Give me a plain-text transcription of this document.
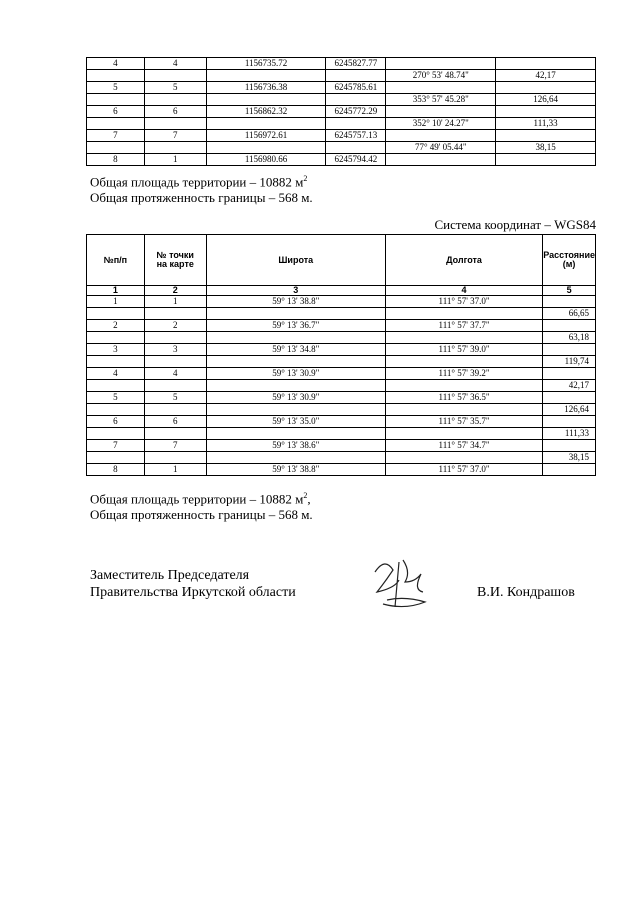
4	4	1156735.72	6245827.77		
				270° 53' 48.74"	42,17
5	5	1156736.38	6245785.61		
				353° 57' 45.28"	126,64
6	6	1156862.32	6245772.29		
				352° 10' 24.27"	111,33
7	7	1156972.61	6245757.13		
				77° 49' 05.44"	38,15
8	1	1156980.66	6245794.42		
Общая площадь территории – 10882 $м^2$
Общая протяженность границы – 568 м.
Система координат – WGS84
№п/п	№ точки на карте	Широта	Долгота	Расстояние (м)
1	2	3	4	5
1	1	59° 13' 38.8"	111° 57' 37.0"	
				66,65
2	2	59° 13' 36.7"	111° 57' 37.7"	
				63,18
3	3	59° 13' 34.8"	111° 57' 39.0"	
				119,74
4	4	59° 13' 30.9"	111° 57' 39.2"	
				42,17
5	5	59° 13' 30.9"	111° 57' 36.5"	
				126,64
6	6	59° 13' 35.0"	111° 57' 35.7"	
				111,33
7	7	59° 13' 38.6"	111° 57' 34.7"	
				38,15
8	1	59° 13' 38.8"	111° 57' 37.0"	
Общая площадь территории – 10882 $м^2$,
Общая протяженность границы – 568 м.
Заместитель Председателя
Правительства Иркутской области	В.И. Кондрашов
